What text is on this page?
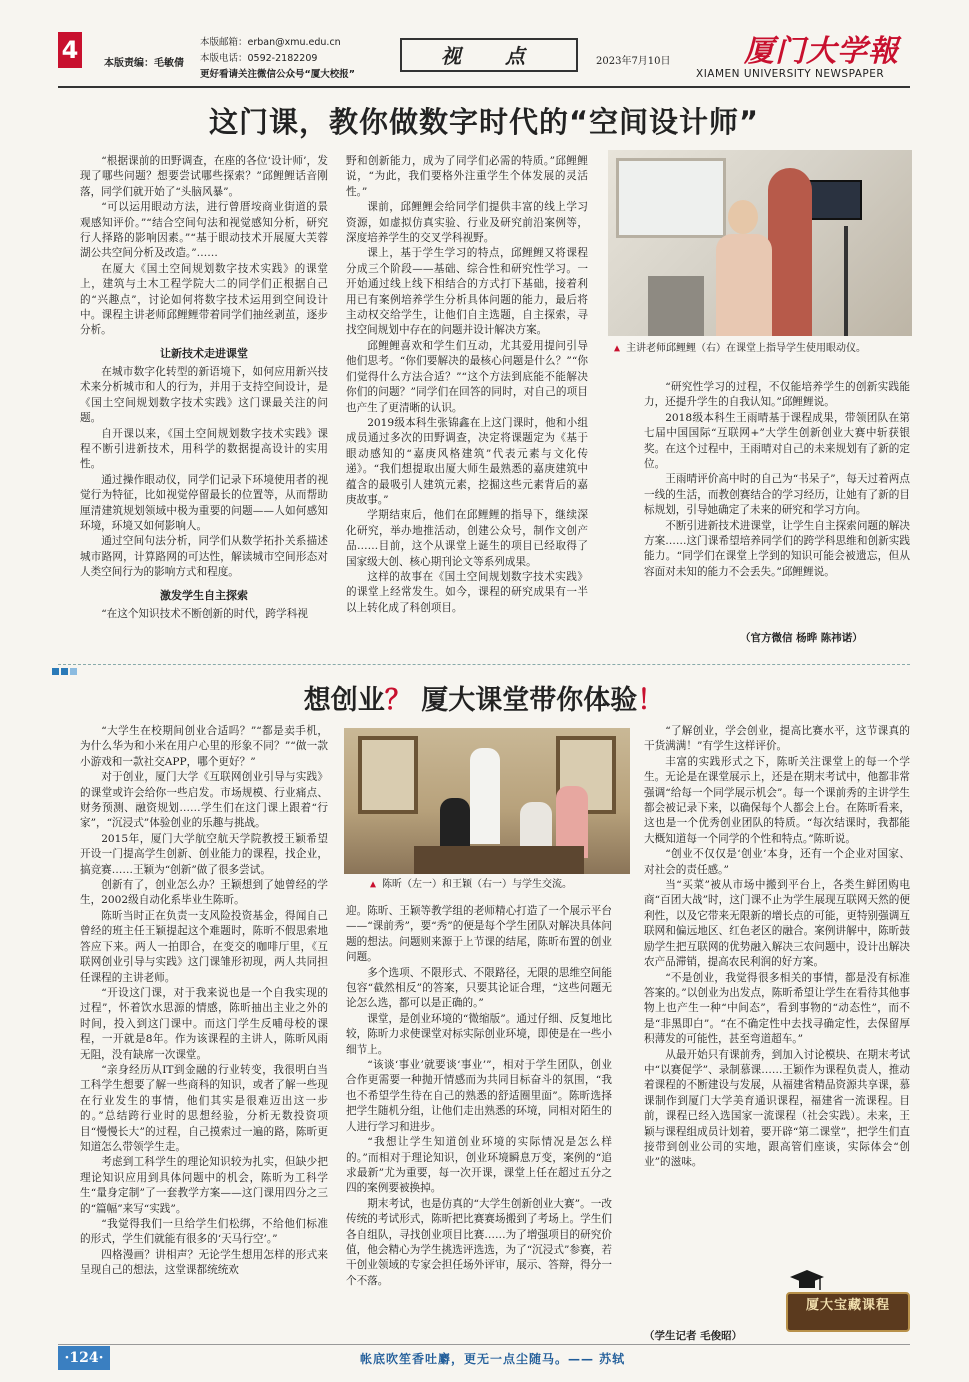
4	本版责编：毛敏倩
本版邮箱：erban@xmu.edu.cn
本版电话：0592-2182209
更好看请关注微信公众号“厦大校报”
视　点	2023年7月10日 厦门大学報
XIAMEN UNIVERSITY NEWSPAPER
这门课，教你做数字时代的“空间设计师”

“根据课前的田野调查，在座的各位‘设计师’，发现了哪些问题？想要尝试哪些探索？”邱鲤鲤话音刚落，同学们就开始了“头脑风暴”。

“可以运用眼动方法，进行曾厝垵商业街道的景观感知评价。”“结合空间句法和视觉感知分析，研究行人择路的影响因素。”“基于眼动技术开展厦大芙蓉湖公共空间分析及改造。”……

在厦大《国土空间规划数字技术实践》的课堂上，建筑与土木工程学院大二的同学们正根据自己的“兴趣点”，讨论如何将数字技术运用到空间设计中。课程主讲老师邱鲤鲤带着同学们抽丝剥茧，逐步分析。

让新技术走进课堂

在城市数字化转型的新语境下，如何应用新兴技术来分析城市和人的行为，并用于支持空间设计，是《国土空间规划数字技术实践》这门课最关注的问题。

自开课以来，《国土空间规划数字技术实践》课程不断引进新技术，用科学的数据提高设计的实用性。

通过操作眼动仪，同学们记录下环境使用者的视觉行为特征，比如视觉停留最长的位置等，从而帮助厘清建筑规划领域中极为重要的问题——人如何感知环境，环境又如何影响人。

通过空间句法分析，同学们从数学拓扑关系描述城市路网，计算路网的可达性，解读城市空间形态对人类空间行为的影响方式和程度。

激发学生自主探索

“在这个知识技术不断创新的时代，跨学科视

野和创新能力，成为了同学们必需的特质。”邱鲤鲤说，“为此，我们要格外注重学生个体发展的灵活性。”

课前，邱鲤鲤会给同学们提供丰富的线上学习资源，如虚拟仿真实验、行业及研究前沿案例等，深度培养学生的交叉学科视野。

课上，基于学生学习的特点，邱鲤鲤又将课程分成三个阶段——基础、综合性和研究性学习。一开始通过线上线下相结合的方式打下基础，接着利用已有案例培养学生分析具体问题的能力，最后将主动权交给学生，让他们自主选题，自主探索，寻找空间规划中存在的问题并设计解决方案。

邱鲤鲤喜欢和学生们互动，尤其爱用提问引导他们思考。“你们要解决的最核心问题是什么？”“你们觉得什么方法合适？”“这个方法到底能不能解决你们的问题？”同学们在回答的同时，对自己的项目也产生了更清晰的认识。

2019级本科生张锦鑫在上这门课时，他和小组成员通过多次的田野调查，决定将课题定为《基于眼动感知的“嘉庚风格建筑”代表元素与文化传递》。“我们想提取出厦大师生最熟悉的嘉庚建筑中蕴含的最吸引人建筑元素，挖掘这些元素背后的嘉庚故事。”

学期结束后，他们在邱鲤鲤的指导下，继续深化研究，举办地推活动，创建公众号，制作文创产品……目前，这个从课堂上诞生的项目已经取得了国家级大创、核心期刊论文等系列成果。

这样的故事在《国土空间规划数字技术实践》的课堂上经常发生。如今，课程的研究成果有一半以上转化成了科创项目。

▲ 主讲老师邱鲤鲤（右）在课堂上指导学生使用眼动仪。

“研究性学习的过程，不仅能培养学生的创新实践能力，还提升学生的自我认知。”邱鲤鲤说。

2018级本科生王雨晴基于课程成果，带领团队在第七届中国国际“互联网+”大学生创新创业大赛中斩获银奖。在这个过程中，王雨晴对自己的未来规划有了新的定位。

王雨晴评价高中时的自己为“书呆子”，每天过着两点一线的生活，而教创赛结合的学习经历，让她有了新的目标规划，引导她确定了未来的研究和学习方向。

不断引进新技术进课堂，让学生自主探索问题的解决方案……这门课希望培养同学们的跨学科思维和创新实践能力。“同学们在课堂上学到的知识可能会被遗忘，但从容面对未知的能力不会丢失。”邱鲤鲤说。

（官方微信 杨晔 陈祎诺）
想创业？ 厦大课堂带你体验！

“大学生在校期间创业合适吗？”“都是卖手机，为什么华为和小米在用户心里的形象不同？”“做一款小游戏和一款社交APP，哪个更好？”

对于创业，厦门大学《互联网创业引导与实践》的课堂或许会给你一些启发。市场规模、行业痛点、财务预测、融资规划……学生们在这门课上跟着“行家”，“沉浸式”体验创业的乐趣与挑战。

2015年，厦门大学航空航天学院教授王颖希望开设一门提高学生创新、创业能力的课程，找企业，搞竞赛……王颖为“创新”做了很多尝试。

创新有了，创业怎么办？王颖想到了她曾经的学生，2002级自动化系毕业生陈昕。

陈昕当时正在负责一支风险投资基金，得闻自己曾经的班主任王颖提起这个难题时，陈昕不假思索地答应下来。两人一拍即合，在变交的咖啡厅里，《互联网创业引导与实践》这门课雏形初现，两人共同担任课程的主讲老师。

“开设这门课，对于我来说也是一个自我实现的过程”，怀着饮水思源的情感，陈昕抽出主业之外的时间，投入到这门课中。而这门学生反哺母校的课程，一开就是8年。作为该课程的主讲人，陈昕风雨无阻，没有缺席一次课堂。

“亲身经历从IT到金融的行业转变，我很明白当工科学生想要了解一些商科的知识，或者了解一些现在行业发生的事情，他们其实是很难迈出这一步的。”总结跨行业时的思想经验，分析无数投资项目“慢慢长大”的过程，自己摸索过一遍的路，陈昕更知道怎么带领学生走。

考虑到工科学生的理论知识较为扎实，但缺少把理论知识应用到具体问题中的机会，陈昕为工科学生“量身定制”了一套教学方案——这门课用四分之三的“篇幅”来写“实践”。

“我觉得我们一旦给学生们松绑，不给他们标准的形式，学生们就能有很多的‘天马行空’。”

四格漫画？讲相声？无论学生想用怎样的形式来呈现自己的想法，这堂课都统统欢

▲ 陈昕（左一）和王颖（右一）与学生交流。

迎。陈昕、王颖等教学组的老师精心打造了一个展示平台——“课前秀”，要“秀”的便是每个学生团队对解决具体问题的想法。问题则来源于上节课的结尾，陈昕布置的创业问题。

多个选项、不限形式、不限路径，无限的思维空间能包容“截然相反”的答案，只要其论证合理，“这些问题无论怎么选，都可以是正确的。”

课堂，是创业环境的“微缩版”。通过仔细、反复地比较，陈昕力求使课堂对标实际创业环境，即使是在一些小细节上。

“该谈‘事业’就要谈‘事业’”，相对于学生团队，创业合作更需要一种抛开情感而为共同目标奋斗的氛围，“我也不希望学生待在自己的熟悉的舒适圈里面”。陈昕选择把学生随机分组，让他们走出熟悉的环境，同相对陌生的人进行学习和进步。

“我想让学生知道创业环境的实际情况是怎么样的。”而相对于理论知识，创业环境瞬息万变，案例的“追求最新”尤为重要，每一次开课，课堂上任在超过五分之四的案例要被换掉。

期末考试，也是仿真的“大学生创新创业大赛”。一改传统的考试形式，陈昕把比赛赛场搬到了考场上。学生们各自组队，寻找创业项目比赛……为了增强项目的研究价值，他会精心为学生挑选评选选，为了“沉浸式”参赛，若干创业领域的专家会担任场外评审，展示、答辩，得分一个不落。

“了解创业，学会创业，提高比赛水平，这节课真的干货满满！”有学生这样评价。

丰富的实践形式之下，陈昕关注课堂上的每一个学生。无论是在课堂展示上，还是在期末考试中，他都非常强调“给每一个同学展示机会”。每一个课前秀的主讲学生都会被记录下来，以确保每个人都会上台。在陈昕看来，这也是一个优秀创业团队的特质。“每次结课时，我都能大概知道每一个同学的个性和特点。”陈昕说。

“创业不仅仅是‘创业’本身，还有一个企业对国家、对社会的责任感。”

当“买菜”被从市场中搬到平台上，各类生鲜团购电商“百团大战”时，这门课不止为学生展现互联网天然的便利性，以及它带来无限新的增长点的可能，更特别强调互联网和偏远地区、红色老区的融合。案例讲解中，陈昕鼓励学生把互联网的优势融入解决三农问题中，设计出解决农产品滞销，提高农民利润的好方案。

“不是创业，我觉得很多相关的事情，都是没有标准答案的。”以创业为出发点，陈昕希望让学生在看待其他事物上也产生一种“中间态”，看到事物的“动态性”，而不是“非黑即白”。“在不确定性中去找寻确定性，去保留厚积薄发的可能性，甚至弯道超车。”

从最开始只有课前秀，到加入讨论模块、在期末考试中“以赛促学”、录制慕课……王颖作为课程负责人，推动着课程的不断建设与发展，从福建省精品资源共享课，慕课制作到厦门大学美育通识课程，福建省一流课程。目前，课程已经入选国家一流课程（社会实践）。未来，王颖与课程组成员计划着，要开辟“第二课堂”，把学生们直接带到创业公司的实地，跟高管们座谈，实际体会“创业”的滋味。

（学生记者 毛俊昭）
厦大宝藏课程
·124·	帐底吹笙香吐麝，更无一点尘随马。—— 苏轼
